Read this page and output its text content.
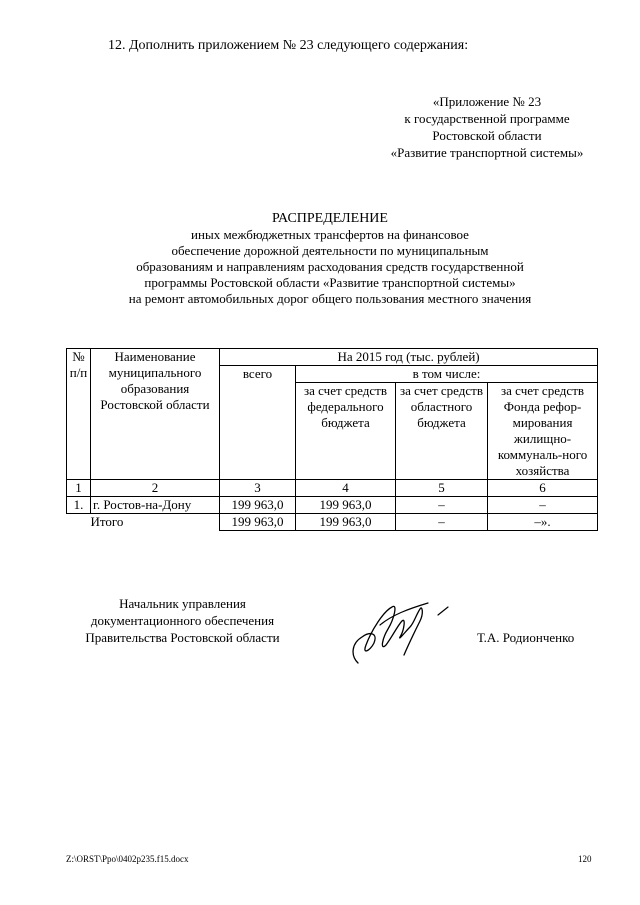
12. Дополнить приложением № 23 следующего содержания:
«Приложение № 23
к государственной программе
Ростовской области
«Развитие транспортной системы»
РАСПРЕДЕЛЕНИЕ
иных межбюджетных трансфертов на финансовое
обеспечение дорожной деятельности по муниципальным
образованиям и направлениям расходования средств государственной
программы Ростовской области «Развитие транспортной системы»
на ремонт автомобильных дорог общего пользования местного значения
№ п/п	Наименование муниципального образования Ростовской области	На 2015 год (тыс. рублей)			
		всего	в том числе:		
			за счет средств федерального бюджета	за счет средств областного бюджета	за счет средств Фонда рефор-мирования жилищно-коммуналь-ного хозяйства
1	2	3	4	5	6
1.	г. Ростов-на-Дону	199 963,0	199 963,0	–	–
Итого		199 963,0	199 963,0	–	–».
Начальник управления
документационного обеспечения
Правительства Ростовской области	Т.А. Родионченко
Z:\ORST\Ppo\0402p235.f15.docx	120
